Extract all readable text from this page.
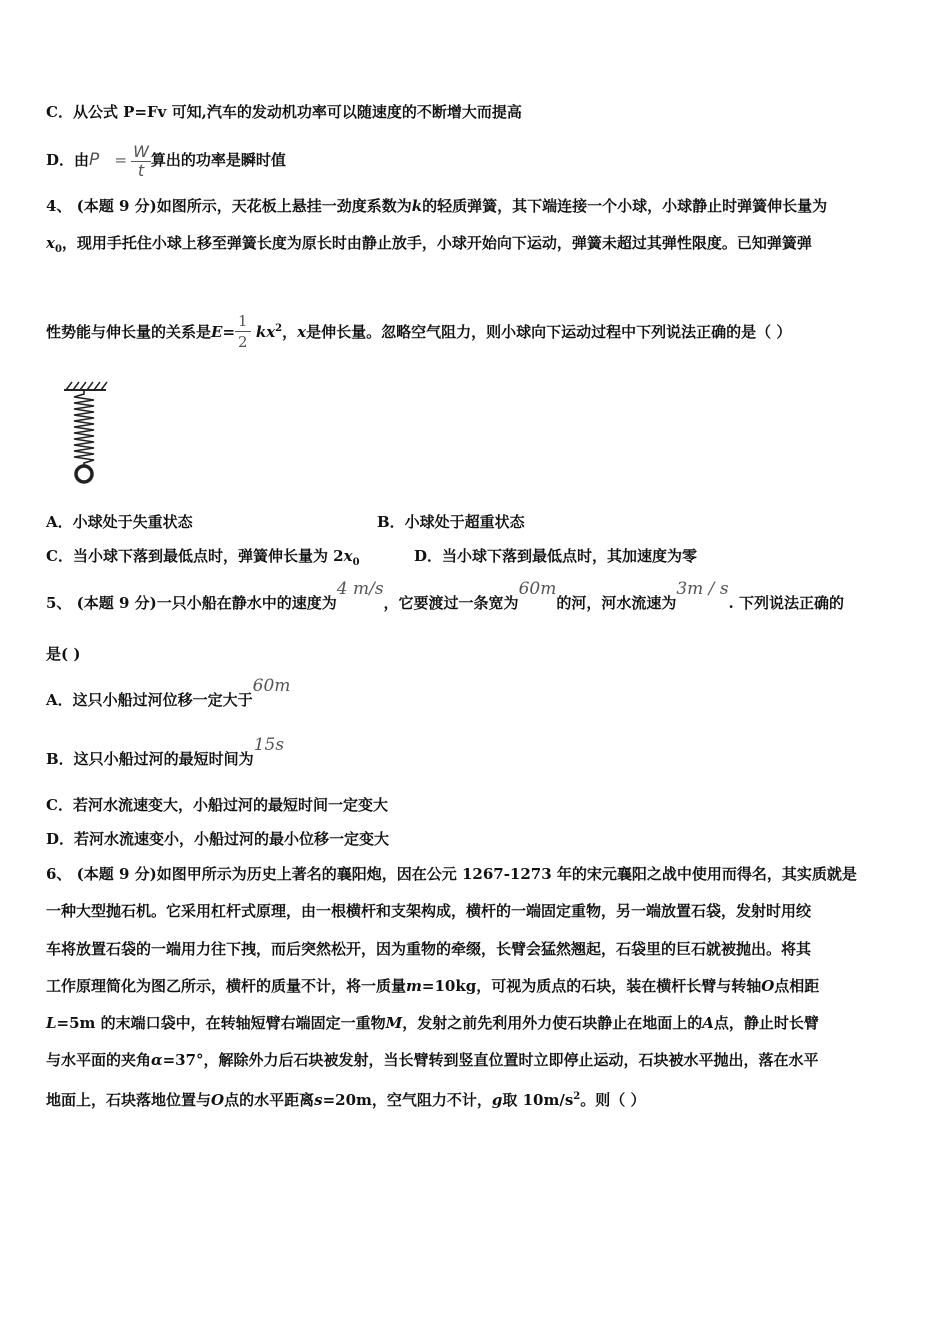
C．从公式 P=Fv 可知,汽车的发动机功率可以随速度的不断增大而提高
D．由$P = \frac{W}{t}$ 算出的功率是瞬时值
4、 (本题 9 分)如图所示，天花板上悬挂一劲度系数为k的轻质弹簧，其下端连接一个小球，小球静止时弹簧伸长量为
$x_0$，现用手托住小球上移至弹簧长度为原长时由静止放手，小球开始向下运动，弹簧未超过其弹性限度。已知弹簧弹
性势能与伸长量的关系是$E= \frac{1}{2} kx^2$，x是伸长量。忽略空气阻力，则小球向下运动过程中下列说法正确的是（ ）
A．小球处于失重状态	B．小球处于超重状态
C．当小球下落到最低点时，弹簧伸长量为 $2x_0$	D．当小球下落到最低点时，其加速度为零
5、 (本题 9 分)一只小船在静水中的速度为4 m/s，它要渡过一条宽为60m的河，河水流速为3m / s. 下列说法正确的
是( )
A．这只小船过河位移一定大于60m
B．这只小船过河的最短时间为15s
C．若河水流速变大，小船过河的最短时间一定变大
D．若河水流速变小，小船过河的最小位移一定变大
6、 (本题 9 分)如图甲所示为历史上著名的襄阳炮，因在公元 1267-1273 年的宋元襄阳之战中使用而得名，其实质就是
一种大型抛石机。它采用杠杆式原理，由一根横杆和支架构成，横杆的一端固定重物，另一端放置石袋，发射时用绞
车将放置石袋的一端用力往下拽，而后突然松开，因为重物的牵缀，长臂会猛然翘起，石袋里的巨石就被抛出。将其
工作原理简化为图乙所示，横杆的质量不计，将一质量m=10kg，可视为质点的石块，装在横杆长臂与转轴O点相距
L=5m 的末端口袋中，在转轴短臂右端固定一重物M，发射之前先利用外力使石块静止在地面上的A点，静止时长臂
与水平面的夹角α=37°，解除外力后石块被发射，当长臂转到竖直位置时立即停止运动，石块被水平抛出，落在水平
地面上，石块落地位置与O点的水平距离s=20m，空气阻力不计，g取 $10m/s^2$。则（ ）
